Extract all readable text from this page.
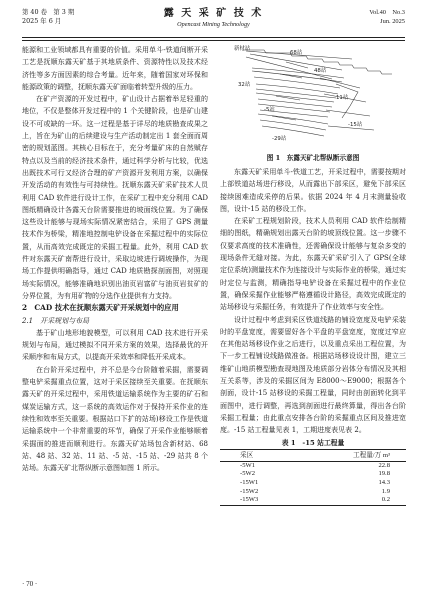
第 40 卷　第 3 期
2025 年 6 月
露 天 采 矿 技 术
Opencast Mining Technology
Vol.40　No.3
Jun. 2025

能源和工业领域都具有重要的价值。采用单斗-铁道间断开采工艺是抚顺东露天矿基于其地质条件、资源特性以及技术经济性等多方面因素的综合考量。近年来，随着国家对环保和能源政策的调整，抚顺东露天矿面临着转型升级的压力。

在矿产资源的开发过程中，矿山设计占据着举足轻重的地位，不仅是整体开发过程中的 1 个关键阶段，也是矿山建设不可或缺的一环。这一过程是基于详尽的地质勘查成果之上，旨在为矿山的后续建设与生产活动制定出 1 套全面而周密的规划蓝图。其核心目标在于，充分考量矿床的自然赋存特点以及当前的经济技术条件，通过科学分析与比较，优选出既技术可行又经济合理的矿产资源开发利用方案，以确保开发活动的有效性与可持续性。抚顺东露天矿采矿技术人员利用 CAD 软件进行设计工作，在采矿工程中充分利用 CAD 图纸精确设计各露天台阶需要推进的坡面线位置。为了确保这些设计能够与现场实际情况紧密结合，采用了 GPS 测量技术作为桥梁，精准地控制电铲设备在采掘过程中的实际位置，从而高效完成既定的采掘工程量。此外，利用 CAD 软件对东露天矿南帮进行设计，采取边坡进行调坡操作，为现场工作提供明确指导，通过 CAD 地质勘探剖面图，对照现场实际情况，能够准确地识别出油页岩富矿与油页岩贫矿的分界位置，为有用矿物的分选作业提供有力支持。

2　CAD 技术在抚顺东露天矿开采规划中的应用

2.1　开采规划与布局

基于矿山地形地貌模型，可以利用 CAD 技术进行开采规划与布局，通过模拟不同开采方案的效果，选择最优的开采顺序和布局方式，以提高开采效率和降低开采成本。

在台阶开采过程中，并不总是今台阶随着采掘，需要调整电铲采掘重点位置，这对于采区接续至关重要。在抚顺东露天矿的开采过程中，采用铁道运输系统作为主要的矿石和煤炭运输方式，这一系统的高效运作对于保持开采作业的连续性和效率至关重要。根据站口下扩的站场)移设工作是铁道运输系统中一个非常重要的环节，确保了开采作业能够顺着采掘面的推进而顺利进行。东露天矿站场包含新材站、68 站、48 站、32 站、11 站、-5 站、-15 站、-29 站共 8 个站场。东露天矿北帮纵断示意图如图 1 所示。

新材站
68站
48站
32站
11站
-5站
-15站
-29站
图 1　东露天矿北帮纵断示意图

东露天矿采用单斗-铁道工艺，开采过程中，需要按期对上部铁道站场进行移设，从而露出下部采区，避免下部采区接续困难造成采停的后果。依据 2024 年 4 月末测量验收图，设计-15 站的移设工作。

在采矿工程规划阶段，技术人员利用 CAD 软件绘制精细的图纸，精确规划出露天台阶的坡顶线位置。这一步骤不仅要求高度的技术准确性，还需确保设计能够与复杂多变的现场条件无缝对接。为此，东露天矿采矿引入了 GPS(全球定位系统)测量技术作为连接设计与实际作业的桥梁，通过实时定位与监测，精确指导电铲设备在采掘过程中的作业位置，确保采掘作业能够严格遵循设计路径，高效完成既定的站场移设与采掘任务，有效提升了作业效率与安全性。

设计过程中考虑到采区铁道线路的铺设宽度及电铲采装时的平盘宽度，需要留好各个平盘的平盘宽度，宽度过窄应在其他站场移设作业之后进行，以及重点采出工程位置，为下一步工程铺设线路做准备。根据站场移设设计图，建立三维矿山地质模型勘查现地图及地质部分岩体分布情况及其相互关系等，涉及的采掘区间为 E8000～E9000；根据各个剖面，设计-15 站移设的采掘工程量，同时由剖面转化到平面图中，进行调整，再选到剖面进行最终算量，得出各台阶采掘工程量；由此重点安排各台阶的采掘重点区间及推进宽度。-15 站工程量见表 1，工期进度表见表 2。

表 1　-15 站工程量

采区	工程量/万 m³
-5W1	22.8
-5W2	19.8
-15W1	14.3
-15W2	1.9
-15W3	0.2
· 70 ·
